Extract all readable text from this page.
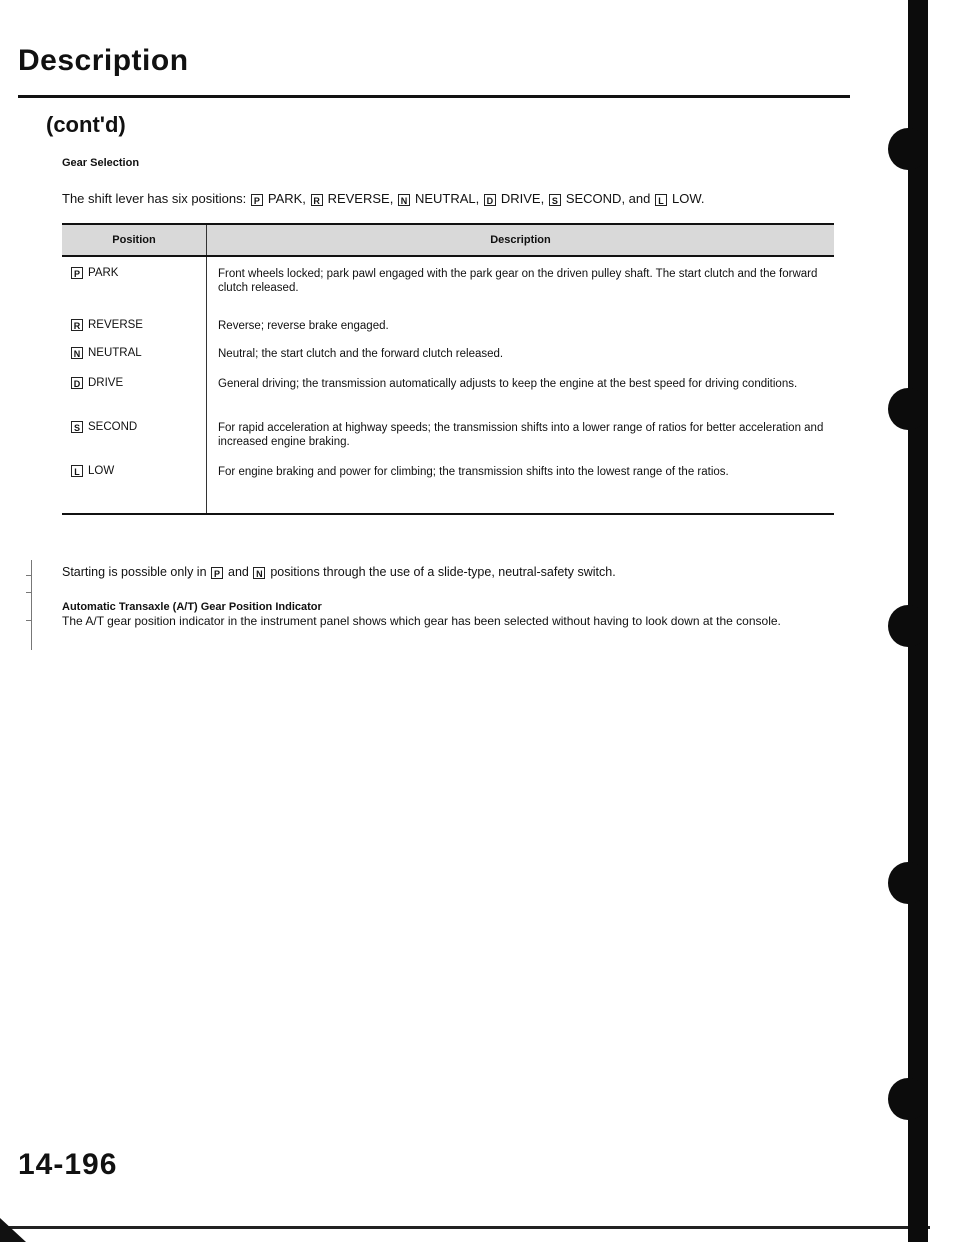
Description
(cont'd)
Gear Selection

The shift lever has six positions: P PARK, R REVERSE, N NEUTRAL, D DRIVE, S SECOND, and L LOW.

Position	Description
P PARK	Front wheels locked; park pawl engaged with the park gear on the driven pulley shaft. The start clutch and the forward clutch released.
R REVERSE	Reverse; reverse brake engaged.
N NEUTRAL	Neutral; the start clutch and the forward clutch released.
D DRIVE	General driving; the transmission automatically adjusts to keep the engine at the best speed for driving conditions.
S SECOND	For rapid acceleration at highway speeds; the transmission shifts into a lower range of ratios for better acceleration and increased engine braking.
L LOW	For engine braking and power for climbing; the transmission shifts into the lowest range of the ratios.

Starting is possible only in P and N positions through the use of a slide-type, neutral-safety switch.

Automatic Transaxle (A/T) Gear Position Indicator

The A/T gear position indicator in the instrument panel shows which gear has been selected without having to look down at the console.

14-196
